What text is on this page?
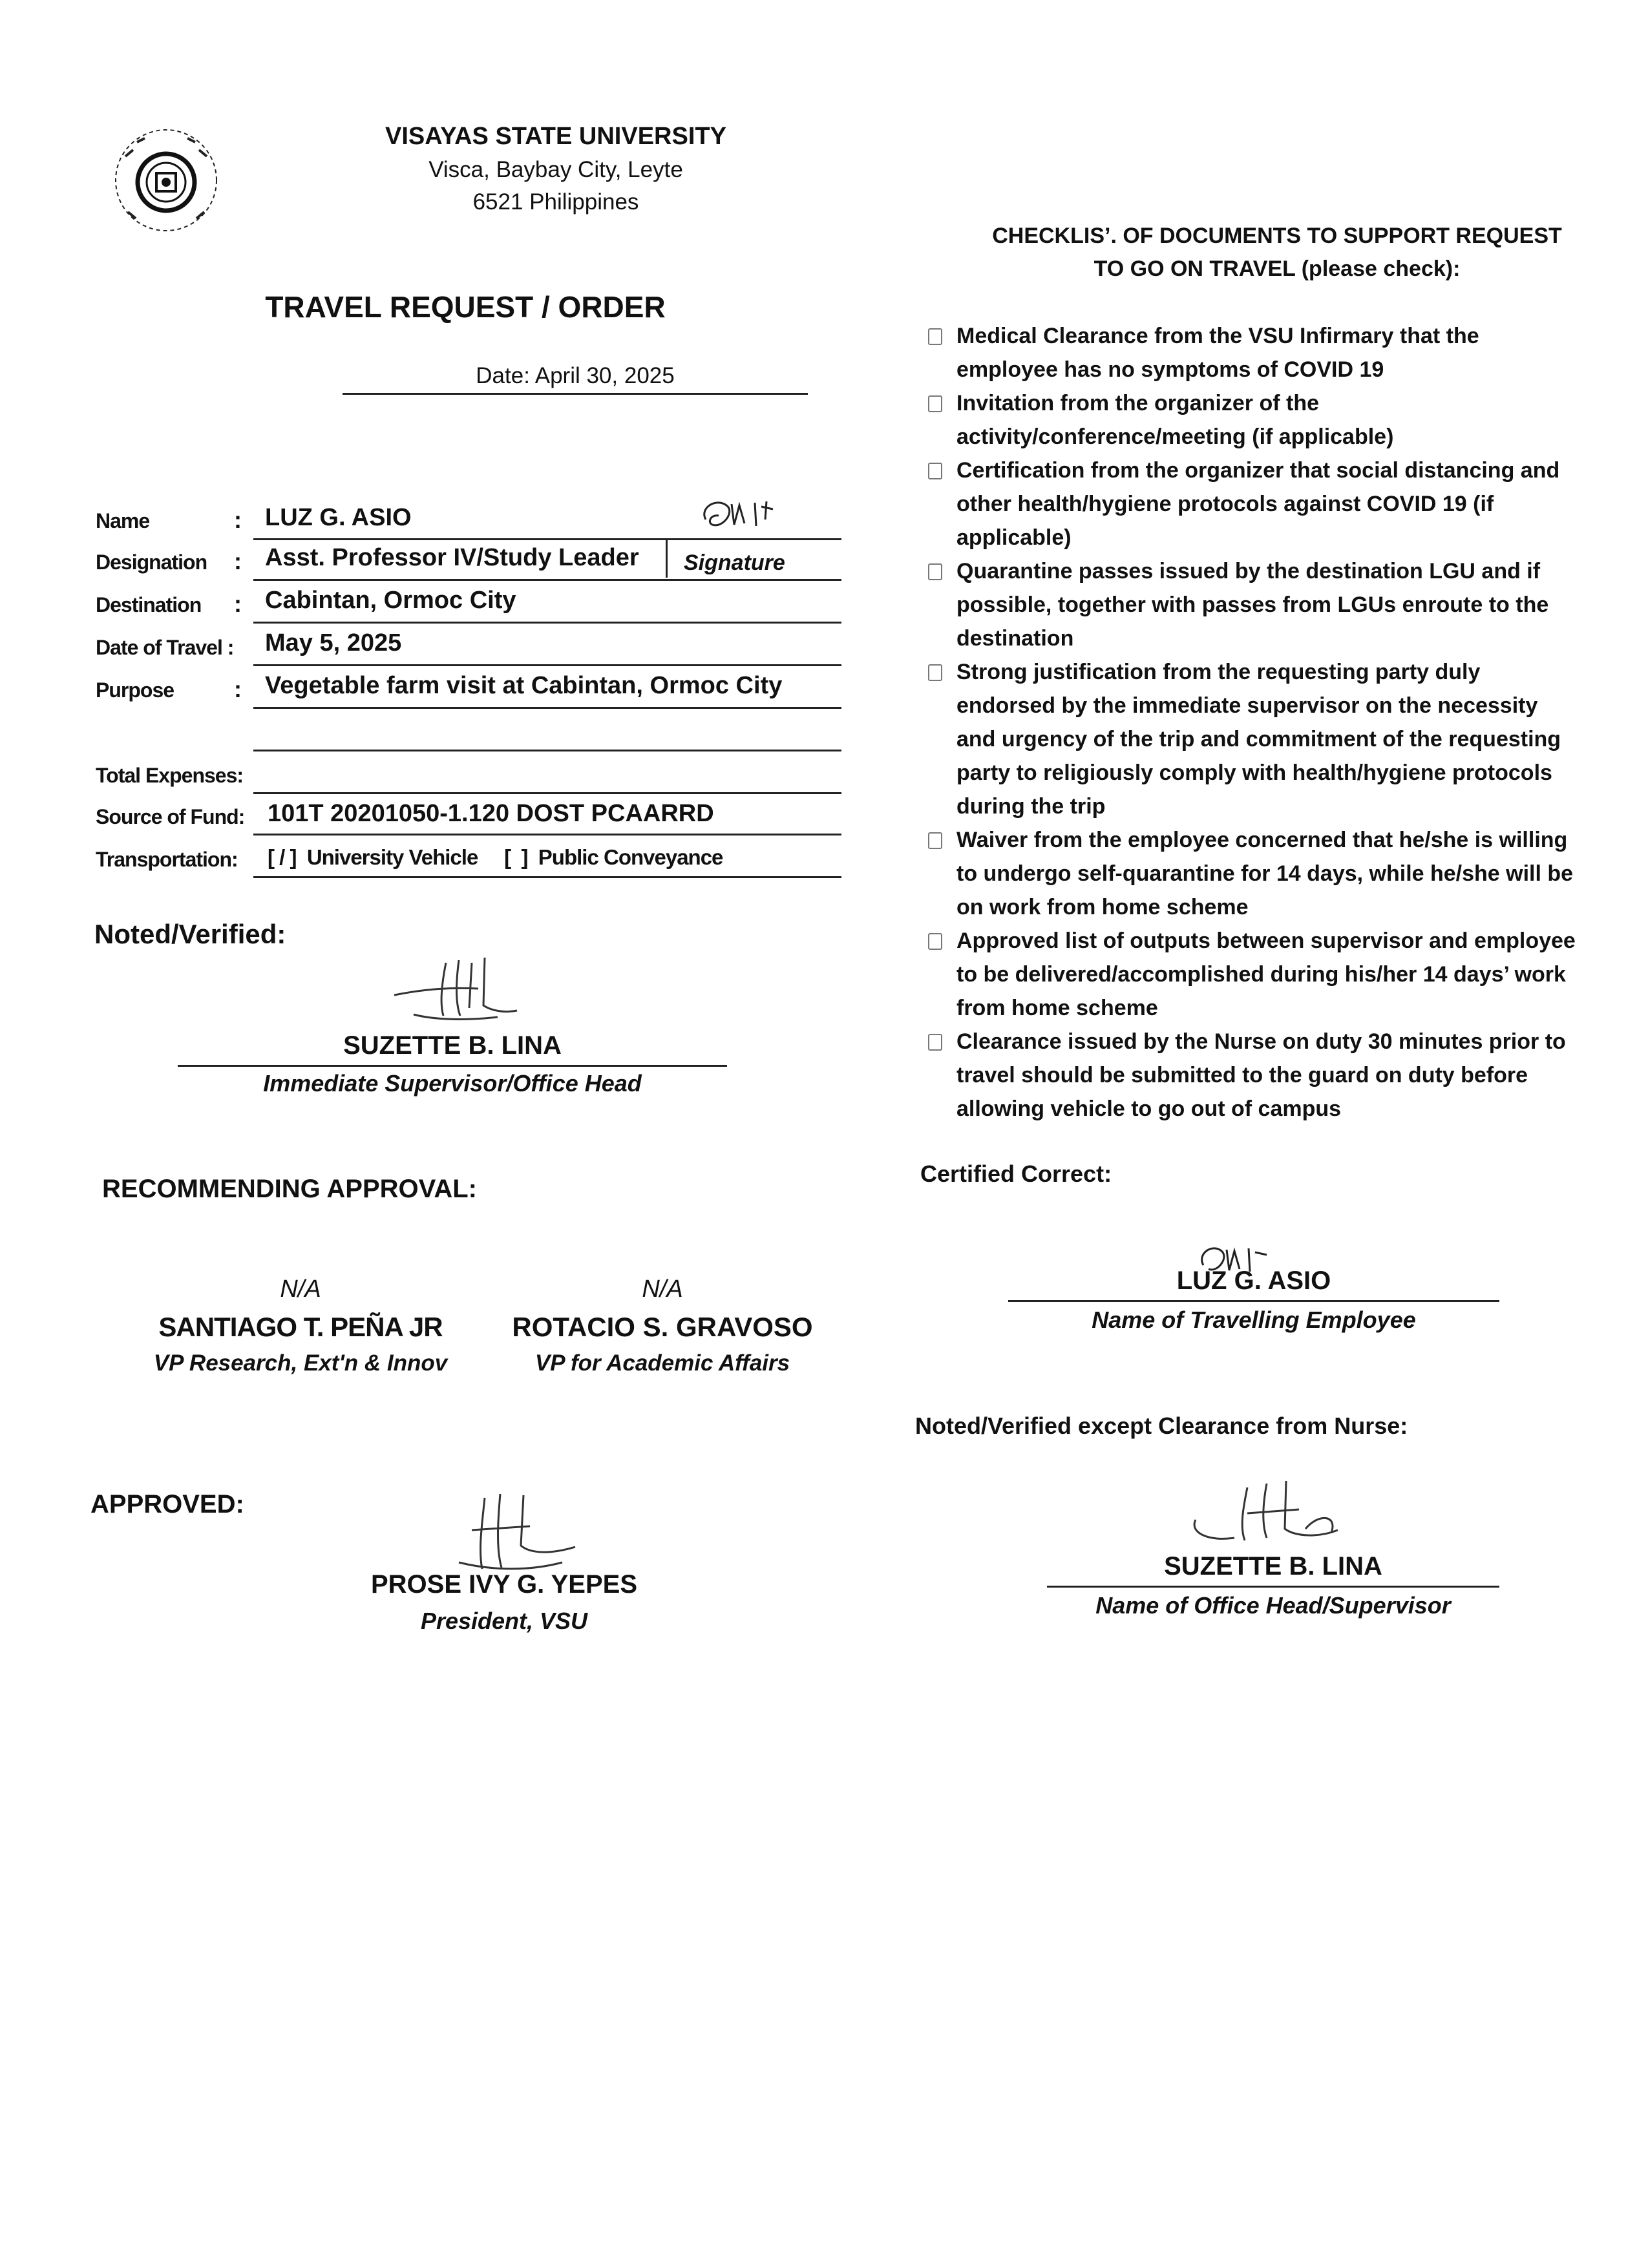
VISAYAS STATE UNIVERSITY
Visca, Baybay City, Leyte
6521 Philippines
TRAVEL REQUEST / ORDER
Date: April 30, 2025
Name	: LUZ G. ASIO
Designation : Asst. Professor IV/Study Leader Signature
Destination : Cabintan, Ormoc City
Date of Travel : May 5, 2025
Purpose	: Vegetable farm visit at Cabintan, Ormoc City
Total Expenses:
Source of Fund: 101T 20201050-1.120 DOST PCAARRD
Transportation: [ / ]  University Vehicle     [  ]  Public Conveyance
Noted/Verified:
SUZETTE B. LINA
Immediate Supervisor/Office Head
RECOMMENDING APPROVAL:
N/A
SANTIAGO T. PEÑA JR
VP Research, Ext'n & Innov
N/A
ROTACIO S. GRAVOSO
VP for Academic Affairs
APPROVED:
PROSE IVY G. YEPES
President, VSU
CHECKLIS’. OF DOCUMENTS TO SUPPORT REQUEST
TO GO ON TRAVEL (please check):
Medical Clearance from the VSU Infirmary that the employee has no symptoms of COVID 19
Invitation from the organizer of the activity/conference/meeting (if applicable)
Certification from the organizer that social distancing and other health/hygiene protocols against COVID 19 (if applicable)
Quarantine passes issued by the destination LGU and if possible, together with passes from LGUs enroute to the destination
Strong justification from the requesting party duly endorsed by the immediate supervisor on the necessity and urgency of the trip and commitment of the requesting party to religiously comply with health/hygiene protocols during the trip
Waiver from the employee concerned that he/she is willing to undergo self-quarantine for 14 days, while he/she will be on work from home scheme
Approved list of outputs between supervisor and employee to be delivered/accomplished during his/her 14 days’ work from home scheme
Clearance issued by the Nurse on duty 30 minutes prior to travel should be submitted to the guard on duty before allowing vehicle to go out of campus
Certified Correct:
LUZ G. ASIO
Name of Travelling Employee
Noted/Verified except Clearance from Nurse:
SUZETTE B. LINA
Name of Office Head/Supervisor
